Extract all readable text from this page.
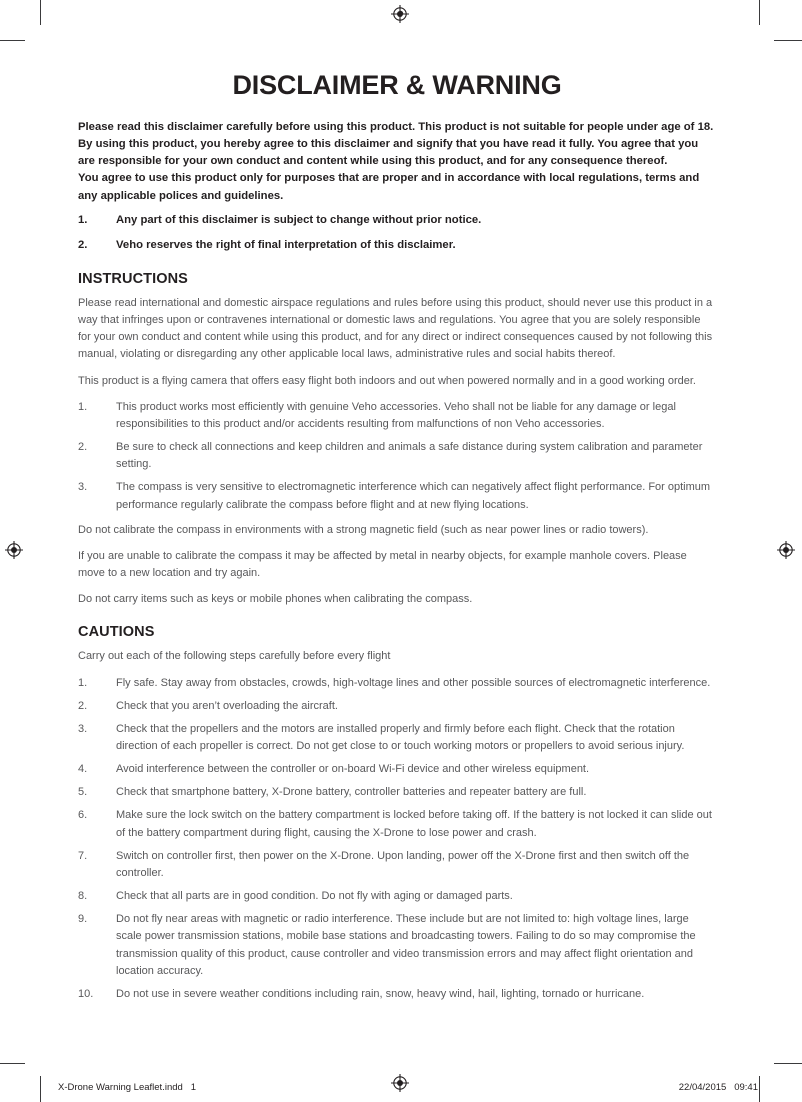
DISCLAIMER & WARNING

Please read this disclaimer carefully before using this product. This product is not suitable for people under age of 18. By using this product, you hereby agree to this disclaimer and signify that you have read it fully. You agree that you are responsible for your own conduct and content while using this product, and for any consequence thereof.

You agree to use this product only for purposes that are proper and in accordance with local regulations, terms and any applicable polices and guidelines.

1.	Any part of this disclaimer is subject to change without prior notice.
2.	Veho reserves the right of final interpretation of this disclaimer.
INSTRUCTIONS

Please read international and domestic airspace regulations and rules before using this product, should never use this product in a way that infringes upon or contravenes international or domestic laws and regulations. You agree that you are solely responsible for your own conduct and content while using this product, and for any direct or indirect consequences caused by not following this manual, violating or disregarding any other applicable local laws, administrative rules and social habits thereof.

This product is a flying camera that offers easy flight both indoors and out when powered normally and in a good working order.

1.	This product works most efficiently with genuine Veho accessories. Veho shall not be liable for any damage or legal responsibilities to this product and/or accidents resulting from malfunctions of non Veho accessories.
2.	Be sure to check all connections and keep children and animals a safe distance during system calibration and parameter setting.
3.	The compass is very sensitive to electromagnetic interference which can negatively affect flight performance. For optimum performance regularly calibrate the compass before flight and at new flying locations.

Do not calibrate the compass in environments with a strong magnetic field (such as near power lines or radio towers).

If you are unable to calibrate the compass it may be affected by metal in nearby objects, for example manhole covers. Please move to a new location and try again.

Do not carry items such as keys or mobile phones when calibrating the compass.

CAUTIONS

Carry out each of the following steps carefully before every flight

1.	Fly safe. Stay away from obstacles, crowds, high-voltage lines and other possible sources of electromagnetic interference.
2.	Check that you aren’t overloading the aircraft.
3.	Check that the propellers and the motors are installed properly and firmly before each flight. Check that the rotation direction of each propeller is correct. Do not get close to or touch working motors or propellers to avoid serious injury.
4.	Avoid interference between the controller or on-board Wi-Fi device and other wireless equipment.
5.	Check that smartphone battery, X-Drone battery, controller batteries and repeater battery are full.
6.	Make sure the lock switch on the battery compartment is locked before taking off. If the battery is not locked it can slide out of the battery compartment during flight, causing the X-Drone to lose power and crash.
7.	Switch on controller first, then power on the X-Drone. Upon landing, power off the X-Drone first and then switch off the controller.
8.	Check that all parts are in good condition. Do not fly with aging or damaged parts.
9.	Do not fly near areas with magnetic or radio interference. These include but are not limited to: high voltage lines, large scale power transmission stations, mobile base stations and broadcasting towers. Failing to do so may compromise the transmission quality of this product, cause controller and video transmission errors and may affect flight orientation and location accuracy.
10.	Do not use in severe weather conditions including rain, snow, heavy wind, hail, lighting, tornado or hurricane.
X-Drone Warning Leaflet.indd   1	22/04/2015   09:41
